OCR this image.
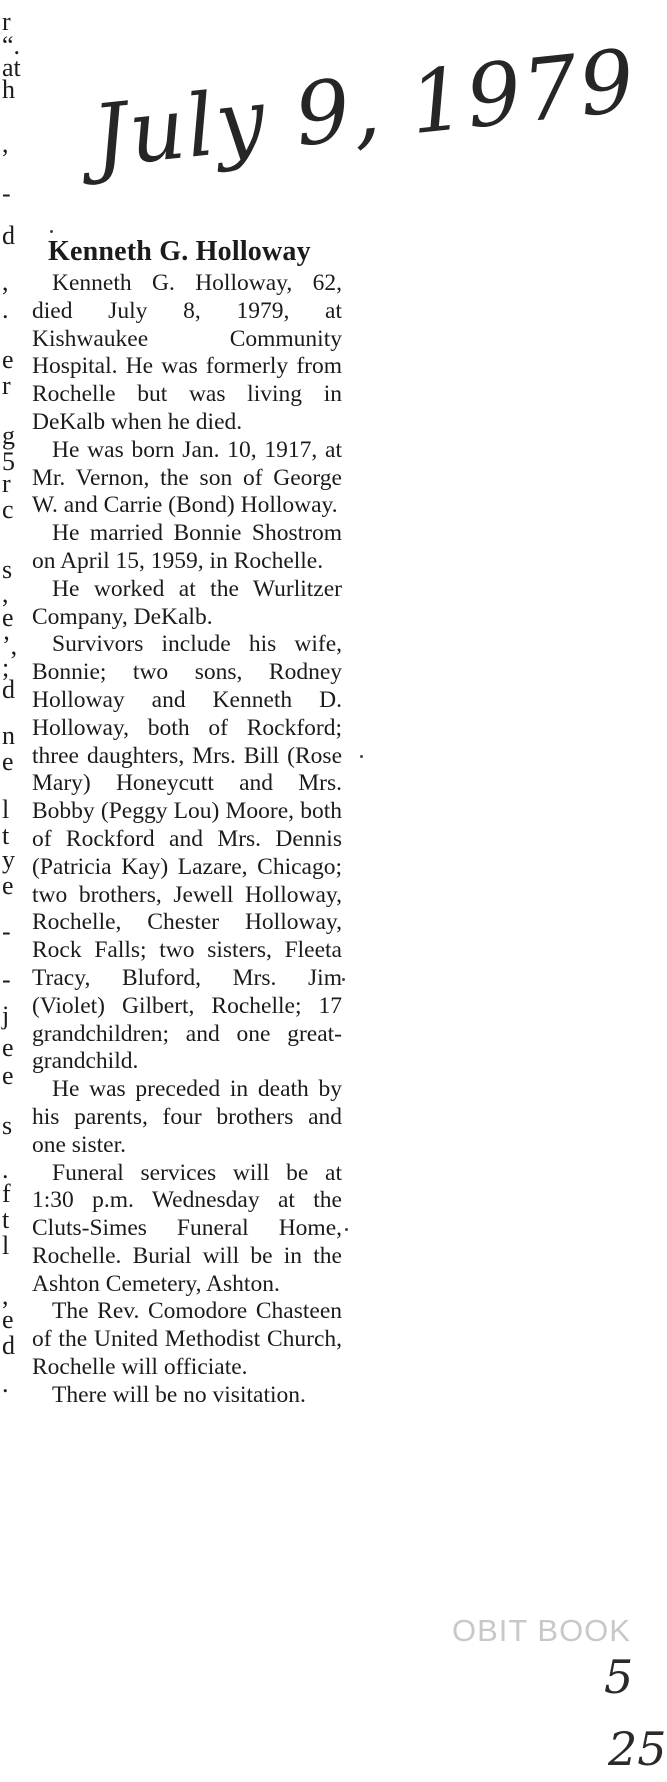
r
“.
at
h
,
-
d
,
.
e
r
g
5
r
c
s
,
e
’,
;
d
n
e
l
t
y
e
-
-
j
e
e
s
.
f
t
l
,
e
d
.
July 9, 1979
Kenneth G. Holloway

Kenneth G. Holloway, 62, died July 8, 1979, at Kishwaukee Community Hospital. He was formerly from Rochelle but was living in DeKalb when he died.

He was born Jan. 10, 1917, at Mr. Vernon, the son of George W. and Carrie (Bond) Holloway.

He married Bonnie Shostrom on April 15, 1959, in Rochelle.

He worked at the Wurlitzer Company, DeKalb.

Survivors include his wife, Bonnie; two sons, Rodney Holloway and Kenneth D. Holloway, both of Rockford; three daughters, Mrs. Bill (Rose Mary) Honeycutt and Mrs. Bobby (Peggy Lou) Moore, both of Rockford and Mrs. Dennis (Patricia Kay) Lazare, Chicago; two brothers, Jewell Holloway, Rochelle, Chester Holloway, Rock Falls; two sisters, Fleeta Tracy, Bluford, Mrs. Jim (Violet) Gilbert, Rochelle; 17 grandchildren; and one great-grandchild.

He was preceded in death by his parents, four brothers and one sister.

Funeral services will be at 1:30 p.m. Wednesday at the Cluts-Simes Funeral Home, Rochelle. Burial will be in the Ashton Cemetery, Ashton.

The Rev. Comodore Chasteen of the United Methodist Church, Rochelle will officiate.

There will be no visitation.

OBIT BOOK
5
25
